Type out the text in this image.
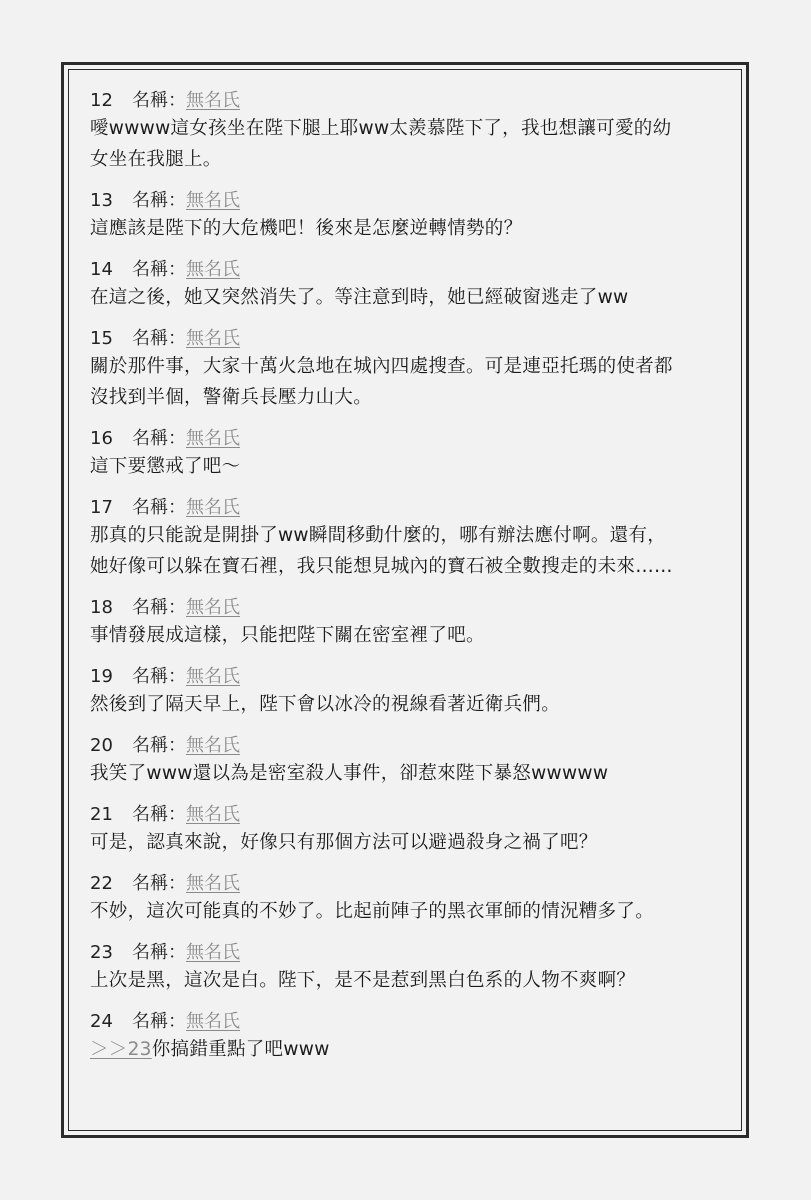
12 名稱：無名氏

噯wwww這女孩坐在陛下腿上耶ww太羨慕陛下了，我也想讓可愛的幼

女坐在我腿上。

13 名稱：無名氏

這應該是陛下的大危機吧！後來是怎麼逆轉情勢的？

14 名稱：無名氏

在這之後，她又突然消失了。等注意到時，她已經破窗逃走了ww

15 名稱：無名氏

關於那件事，大家十萬火急地在城內四處搜查。可是連亞托瑪的使者都

沒找到半個，警衛兵長壓力山大。

16 名稱：無名氏

這下要懲戒了吧～

17 名稱：無名氏

那真的只能說是開掛了ww瞬間移動什麼的，哪有辦法應付啊。還有，

她好像可以躲在寶石裡，我只能想見城內的寶石被全數搜走的未來……

18 名稱：無名氏

事情發展成這樣，只能把陛下關在密室裡了吧。

19 名稱：無名氏

然後到了隔天早上，陛下會以冰冷的視線看著近衛兵們。

20 名稱：無名氏

我笑了www還以為是密室殺人事件，卻惹來陛下暴怒wwwww

21 名稱：無名氏

可是，認真來說，好像只有那個方法可以避過殺身之禍了吧？

22 名稱：無名氏

不妙，這次可能真的不妙了。比起前陣子的黑衣軍師的情況糟多了。

23 名稱：無名氏

上次是黑，這次是白。陛下，是不是惹到黑白色系的人物不爽啊？

24 名稱：無名氏

＞＞23你搞錯重點了吧www
